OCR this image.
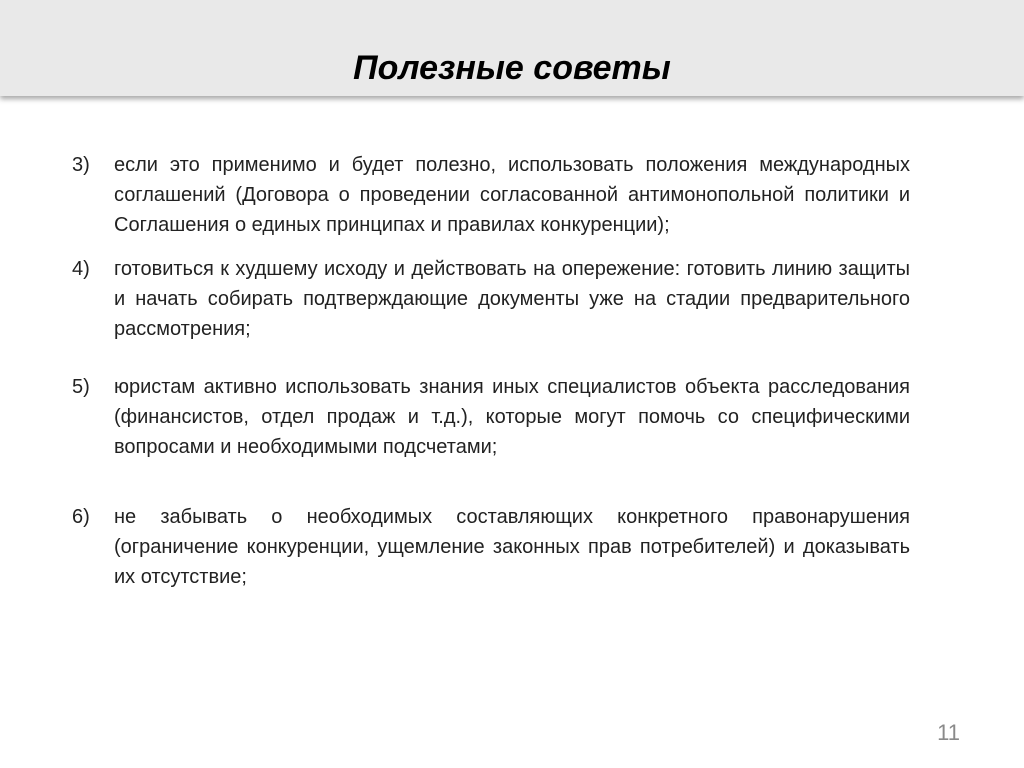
Полезные советы
3)	если это применимо и будет полезно, использовать положения международных соглашений (Договора о проведении согласованной антимонопольной политики и Соглашения о единых принципах и правилах конкуренции);
4)	готовиться к худшему исходу и действовать на опережение: готовить линию защиты и начать собирать подтверждающие документы уже на стадии предварительного рассмотрения;
5)	юристам активно использовать знания иных специалистов объекта расследования (финансистов, отдел продаж и т.д.), которые могут помочь со специфическими вопросами и необходимыми подсчетами;
6)	не забывать о необходимых составляющих конкретного правонарушения (ограничение конкуренции, ущемление законных прав потребителей) и доказывать их отсутствие;
11
